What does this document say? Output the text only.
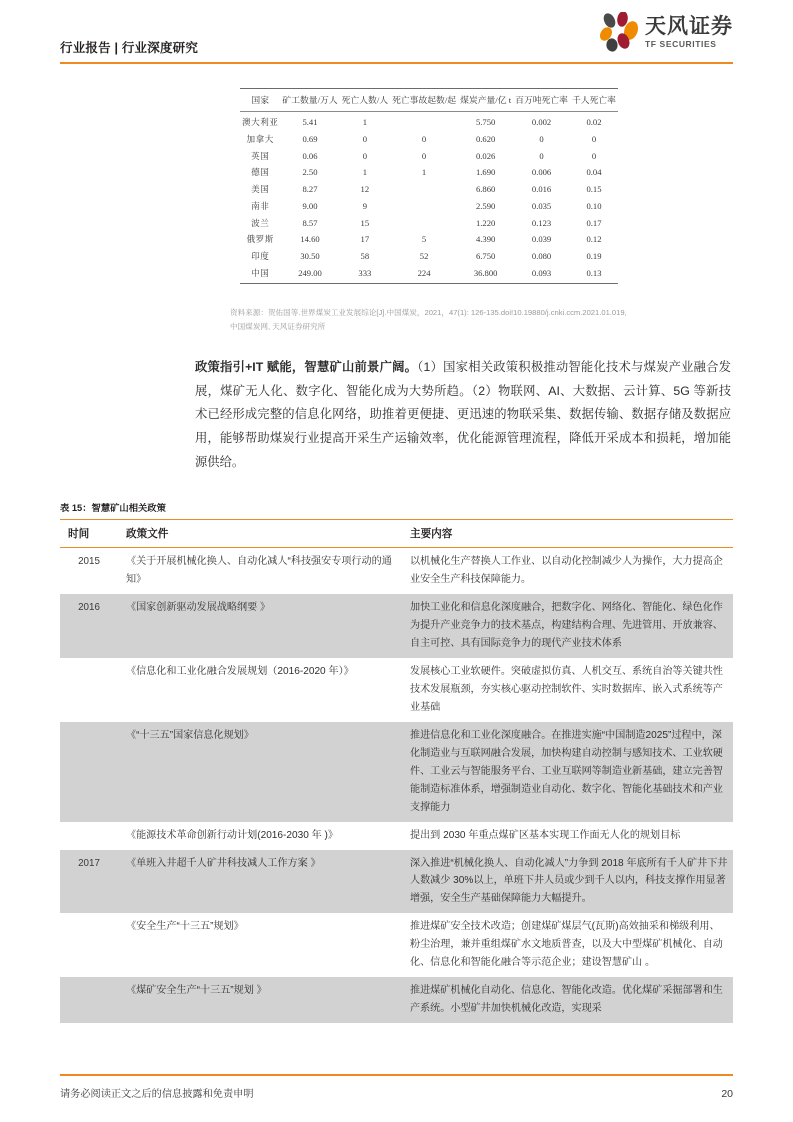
行业报告 | 行业深度研究
天风证券
TF SECURITIES
国家	矿工数量/万人	死亡人数/人	死亡事故起数/起	煤炭产量/亿 t	百万吨死亡率	千人死亡率
澳大利亚	5.41	1		5.750	0.002	0.02
加拿大	0.69	0	0	0.620	0	0
英国	0.06	0	0	0.026	0	0
德国	2.50	1	1	1.690	0.006	0.04
美国	8.27	12		6.860	0.016	0.15
南非	9.00	9		2.590	0.035	0.10
波兰	8.57	15		1.220	0.123	0.17
俄罗斯	14.60	17	5	4.390	0.039	0.12
印度	30.50	58	52	6.750	0.080	0.19
中国	249.00	333	224	36.800	0.093	0.13
资料来源：贺佑国等.世界煤炭工业发展综论[J].中国煤炭，2021，47(1): 126-135.doi!10.19880/j.cnki.ccm.2021.01.019,
中国煤炭网, 天风证券研究所

政策指引+IT 赋能，智慧矿山前景广阔。（1）国家相关政策积极推动智能化技术与煤炭产业融合发展，煤矿无人化、数字化、智能化成为大势所趋。（2）物联网、AI、大数据、云计算、5G 等新技术已经形成完整的信息化网络，助推着更便捷、更迅速的物联采集、数据传输、数据存储及数据应用，能够帮助煤炭行业提高开采生产运输效率，优化能源管理流程，降低开采成本和损耗，增加能源供给。

表 15：智慧矿山相关政策
时间	政策文件	主要内容
2015	《关于开展机械化换人、自动化减人“科技强安专项行动的通知》	以机械化生产替换人工作业、以自动化控制减少人为操作，大力提高企业安全生产科技保障能力。
2016	《国家创新驱动发展战略纲要 》	加快工业化和信息化深度融合，把数字化、网络化、智能化、绿色化作为提升产业竞争力的技术基点，构建结构合理、先进管用、开放兼容、自主可控、具有国际竞争力的现代产业技术体系
	《信息化和工业化融合发展规划（2016-2020 年）》	发展核心工业软硬件。突破虚拟仿真、人机交互、系统自治等关键共性技术发展瓶颈，夯实核心驱动控制软件、实时数据库、嵌入式系统等产业基础
	《“十三五”国家信息化规划》	推进信息化和工业化深度融合。在推进实施“中国制造2025”过程中，深化制造业与互联网融合发展，加快构建自动控制与感知技术、工业软硬件、工业云与智能服务平台、工业互联网等制造业新基础，建立完善智能制造标准体系，增强制造业自动化、数字化、智能化基础技术和产业支撑能力
	《能源技术革命创新行动计划(2016-2030 年 )》	提出到 2030 年重点煤矿区基本实现工作面无人化的规划目标
2017	《单班入井超千人矿井科技减人工作方案 》	深入推进“机械化换人、自动化减人”力争到 2018 年底所有千人矿井下井人数减少 30%以上，单班下井人员或少到千人以内，科技支撑作用显著增强，安全生产基础保障能力大幅提升。
	《安全生产“十三五”规划》	推进煤矿安全技术改造；创建煤矿煤层气(瓦斯)高效抽采和梯级利用、粉尘治理，兼并重组煤矿水文地质普查，以及大中型煤矿机械化、自动化、信息化和智能化融合等示范企业；建设智慧矿山 。
	《煤矿安全生产“十三五”规划 》	推进煤矿机械化自动化、信息化、智能化改造。优化煤矿采掘部署和生产系统。小型矿井加快机械化改造，实现采
请务必阅读正文之后的信息披露和免责申明	20
